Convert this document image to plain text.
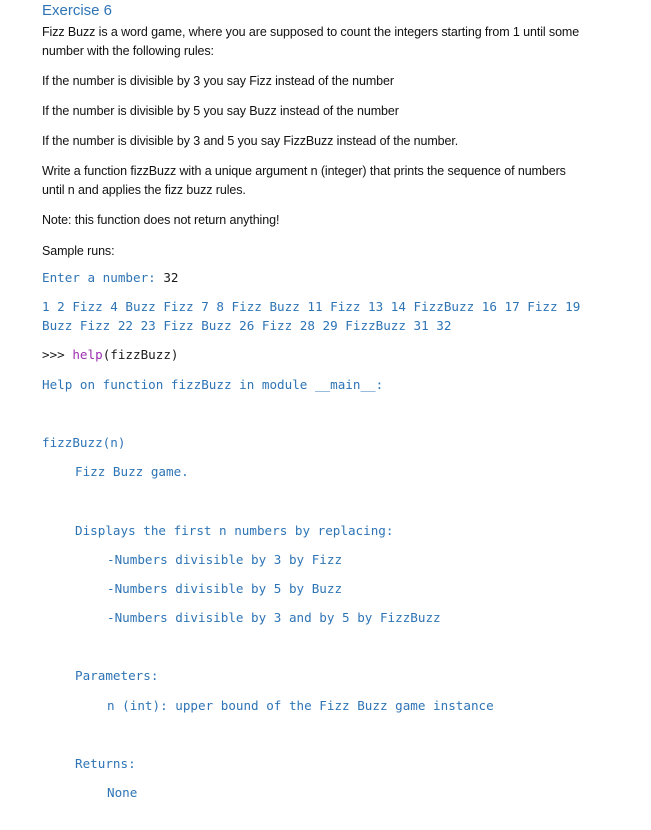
Exercise 6
Fizz Buzz is a word game, where you are supposed to count the integers starting from 1 until some
number with the following rules:
If the number is divisible by 3 you say Fizz instead of the number
If the number is divisible by 5 you say Buzz instead of the number
If the number is divisible by 3 and 5 you say FizzBuzz instead of the number.
Write a function fizzBuzz with a unique argument n (integer) that prints the sequence of numbers
until n and applies the fizz buzz rules.
Note: this function does not return anything!
Sample runs:
Enter a number: 32
1 2 Fizz 4 Buzz Fizz 7 8 Fizz Buzz 11 Fizz 13 14 FizzBuzz 16 17 Fizz 19
Buzz Fizz 22 23 Fizz Buzz 26 Fizz 28 29 FizzBuzz 31 32
>>> help(fizzBuzz)
Help on function fizzBuzz in module __main__:
fizzBuzz(n)
Fizz Buzz game.
Displays the first n numbers by replacing:
-Numbers divisible by 3 by Fizz
-Numbers divisible by 5 by Buzz
-Numbers divisible by 3 and by 5 by FizzBuzz
Parameters:
n (int): upper bound of the Fizz Buzz game instance
Returns:
None
